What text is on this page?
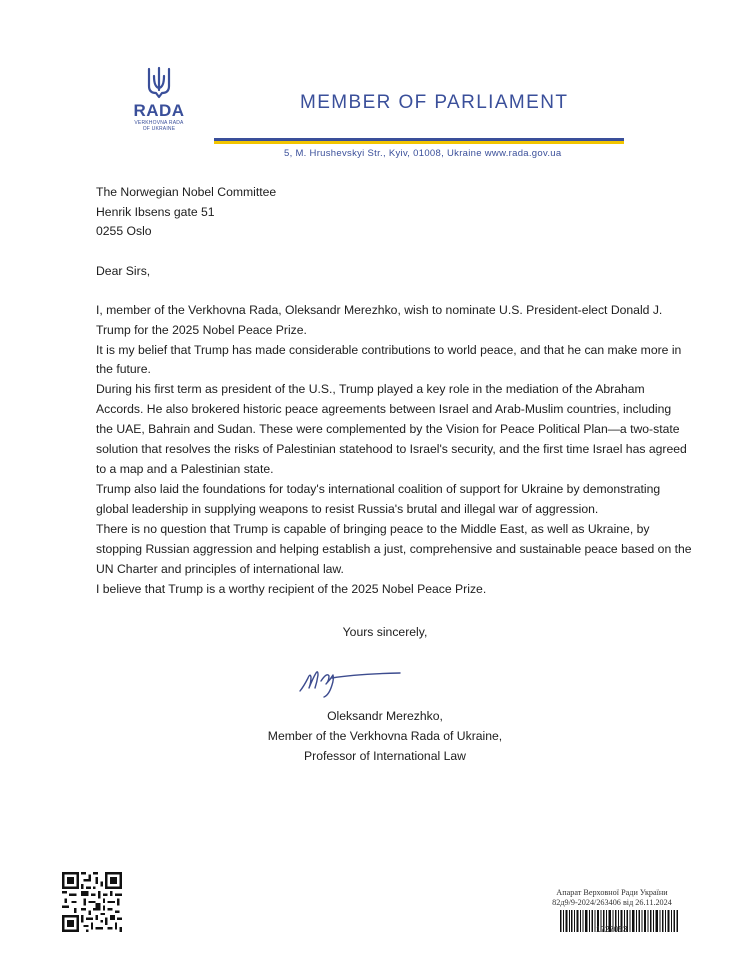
RADA
VERKHOVNA RADA
OF UKRAINE
MEMBER OF PARLIAMENT
5, M. Hrushevskyi Str., Kyiv, 01008, Ukraine www.rada.gov.ua
The Norwegian Nobel Committee
Henrik Ibsens gate 51
0255 Oslo
Dear Sirs,
I, member of the Verkhovna Rada, Oleksandr Merezhko, wish to nominate U.S. President-elect Donald J.
Trump for the 2025 Nobel Peace Prize.
It is my belief that Trump has made considerable contributions to world peace, and that he can make more in
the future.
During his first term as president of the U.S., Trump played a key role in the mediation of the Abraham
Accords. He also brokered historic peace agreements between Israel and Arab-Muslim countries, including
the UAE, Bahrain and Sudan. These were complemented by the Vision for Peace Political Plan—a two-state
solution that resolves the risks of Palestinian statehood to Israel's security, and the first time Israel has agreed
to a map and a Palestinian state.
Trump also laid the foundations for today's international coalition of support for Ukraine by demonstrating
global leadership in supplying weapons to resist Russia's brutal and illegal war of aggression.
There is no question that Trump is capable of bringing peace to the Middle East, as well as Ukraine, by
stopping Russian aggression and helping establish a just, comprehensive and sustainable peace based on the
UN Charter and principles of international law.
I believe that Trump is a worthy recipient of the 2025 Nobel Peace Prize.
Yours sincerely,
Oleksandr Merezhko,
Member of the Verkhovna Rada of Ukraine,
Professor of International Law
Апарат Верховної Ради України
82д9/9-2024/263406 від 26.11.2024
1727053
